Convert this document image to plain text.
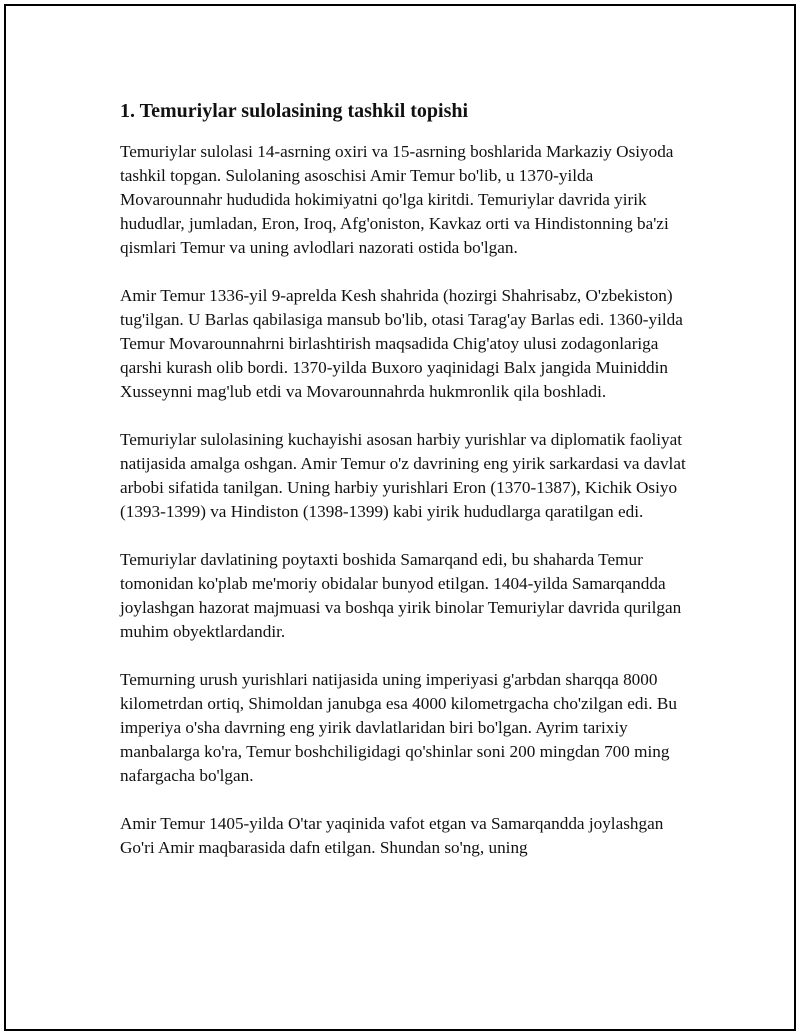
1. Temuriylar sulolasining tashkil topishi

Temuriylar sulolasi 14-asrning oxiri va 15-asrning boshlarida Markaziy Osiyoda tashkil topgan. Sulolaning asoschisi Amir Temur bo'lib, u 1370-yilda Movarounnahr hududida hokimiyatni qo'lga kiritdi. Temuriylar davrida yirik hududlar, jumladan, Eron, Iroq, Afg'oniston, Kavkaz orti va Hindistonning ba'zi qismlari Temur va uning avlodlari nazorati ostida bo'lgan.

Amir Temur 1336-yil 9-aprelda Kesh shahrida (hozirgi Shahrisabz, O'zbekiston) tug'ilgan. U Barlas qabilasiga mansub bo'lib, otasi Tarag'ay Barlas edi. 1360-yilda Temur Movarounnahrni birlashtirish maqsadida Chig'atoy ulusi zodagonlariga qarshi kurash olib bordi. 1370-yilda Buxoro yaqinidagi Balx jangida Muiniddin Xusseynni mag'lub etdi va Movarounnahrda hukmronlik qila boshladi.

Temuriylar sulolasining kuchayishi asosan harbiy yurishlar va diplomatik faoliyat natijasida amalga oshgan. Amir Temur o'z davrining eng yirik sarkardasi va davlat arbobi sifatida tanilgan. Uning harbiy yurishlari Eron (1370-1387), Kichik Osiyo (1393-1399) va Hindiston (1398-1399) kabi yirik hududlarga qaratilgan edi.

Temuriylar davlatining poytaxti boshida Samarqand edi, bu shaharda Temur tomonidan ko'plab me'moriy obidalar bunyod etilgan. 1404-yilda Samarqandda joylashgan hazorat majmuasi va boshqa yirik binolar Temuriylar davrida qurilgan muhim obyektlardandir.

Temurning urush yurishlari natijasida uning imperiyasi g'arbdan sharqqa 8000 kilometrdan ortiq, Shimoldan janubga esa 4000 kilometrgacha cho'zilgan edi. Bu imperiya o'sha davrning eng yirik davlatlaridan biri bo'lgan. Ayrim tarixiy manbalarga ko'ra, Temur boshchiligidagi qo'shinlar soni 200 mingdan 700 ming nafargacha bo'lgan.

Amir Temur 1405-yilda O'tar yaqinida vafot etgan va Samarqandda joylashgan Go'ri Amir maqbarasida dafn etilgan. Shundan so'ng, uning
